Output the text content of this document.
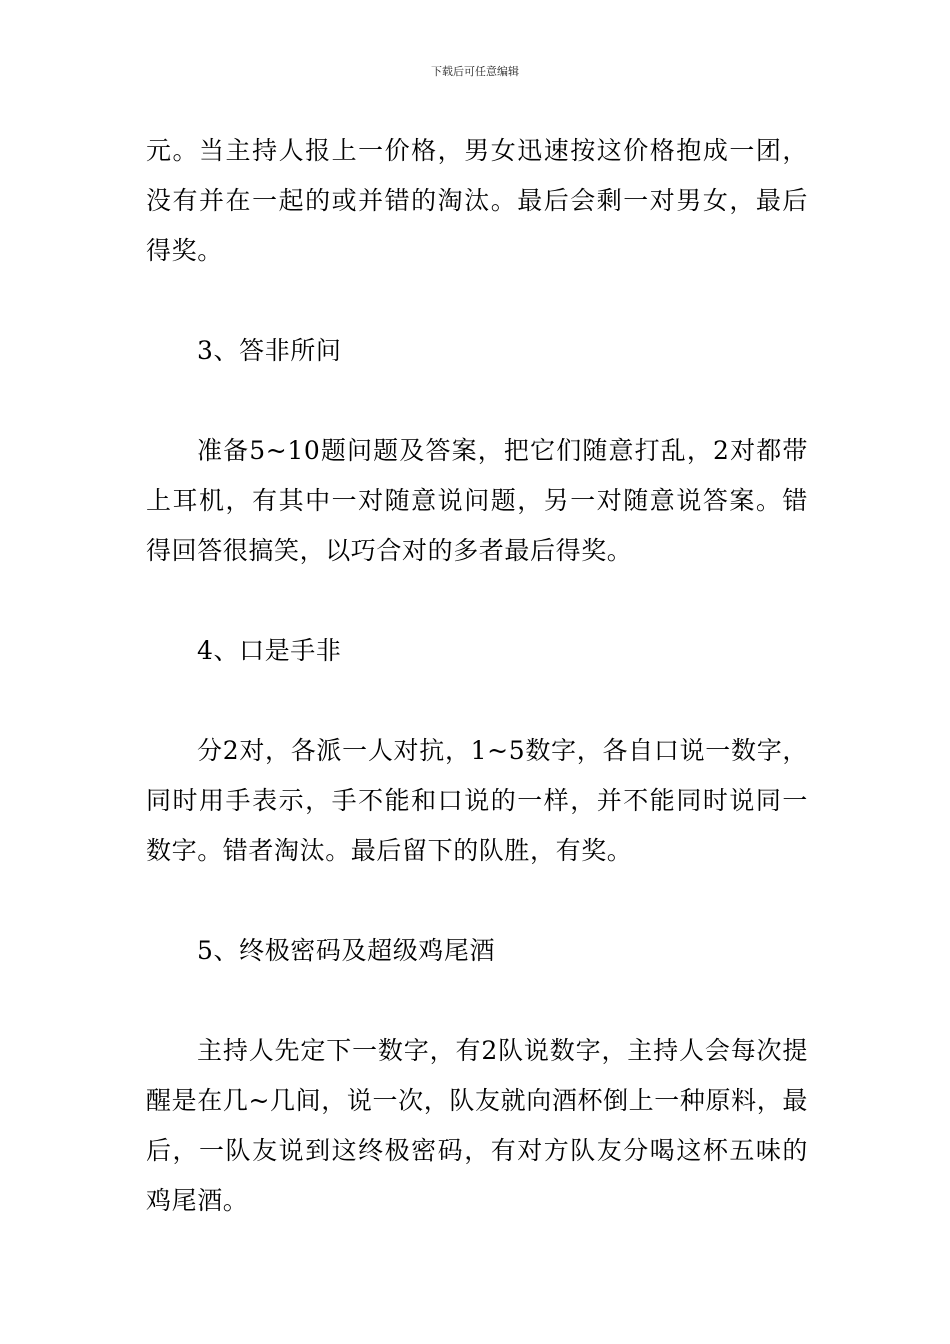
下载后可任意编辑

元。当主持人报上一价格，男女迅速按这价格抱成一团，没有并在一起的或并错的淘汰。最后会剩一对男女，最后得奖。

3、答非所问

准备5~10题问题及答案，把它们随意打乱，2对都带上耳机，有其中一对随意说问题，另一对随意说答案。错得回答很搞笑，以巧合对的多者最后得奖。

4、口是手非

分2对，各派一人对抗，1~5数字，各自口说一数字，同时用手表示，手不能和口说的一样，并不能同时说同一数字。错者淘汰。最后留下的队胜，有奖。

5、终极密码及超级鸡尾酒

主持人先定下一数字，有2队说数字，主持人会每次提醒是在几~几间，说一次，队友就向酒杯倒上一种原料，最后，一队友说到这终极密码，有对方队友分喝这杯五味的鸡尾酒。
